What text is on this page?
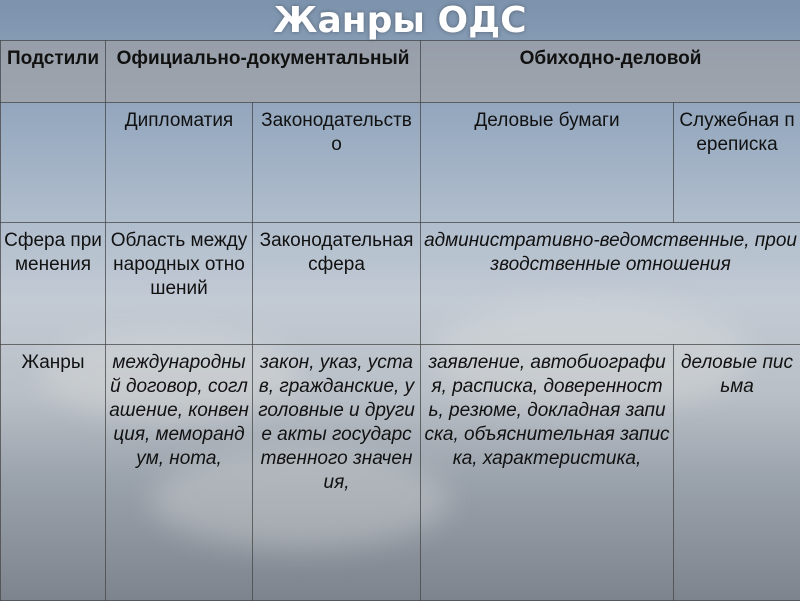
Жанры ОДС
Подстили	Официально-документальный		Обиходно-деловой	
	Дипломатия	Законодательство	Деловые бумаги	Служебная переписка
Сфера применения	Область международных отношений	Законодательная сфера	административно-ведомственные, производственные отношения	
Жанры	международный договор, соглашение, конвенция, меморандум, нота,	закон, указ, устав, гражданские, уголовные и другие акты государственного значения,	заявление, автобиография, расписка, доверенность, резюме, докладная записка, объяснительная записка, характеристика,	деловые письма
